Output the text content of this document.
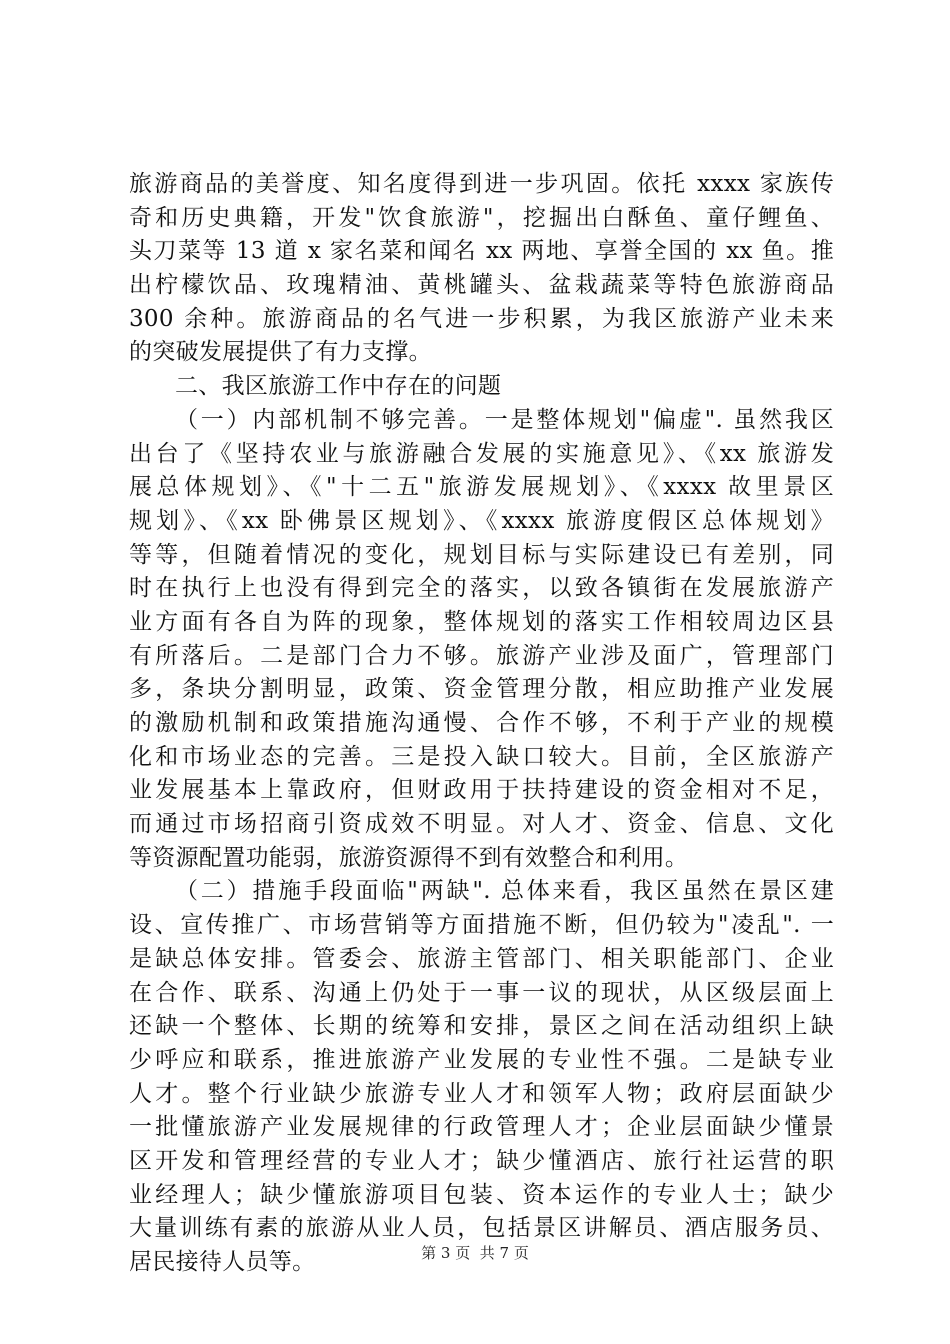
旅游商品的美誉度、知名度得到进一步巩固。依托 xxxx 家族传
奇和历史典籍，开发"饮食旅游"，挖掘出白酥鱼、童仔鲤鱼、
头刀菜等 13 道 x 家名菜和闻名 xx 两地、享誉全国的 xx 鱼。推
出柠檬饮品、玫瑰精油、黄桃罐头、盆栽蔬菜等特色旅游商品
300 余种。旅游商品的名气进一步积累，为我区旅游产业未来
的突破发展提供了有力支撑。
二、我区旅游工作中存在的问题
（一）内部机制不够完善。一是整体规划"偏虚". 虽然我区
出台了《坚持农业与旅游融合发展的实施意见》、《xx 旅游发
展总体规划》、《"十二五"旅游发展规划》、《xxxx 故里景区
规划》、《xx 卧佛景区规划》、《xxxx 旅游度假区总体规划》
等等，但随着情况的变化，规划目标与实际建设已有差别，同
时在执行上也没有得到完全的落实，以致各镇街在发展旅游产
业方面有各自为阵的现象，整体规划的落实工作相较周边区县
有所落后。二是部门合力不够。旅游产业涉及面广，管理部门
多，条块分割明显，政策、资金管理分散，相应助推产业发展
的激励机制和政策措施沟通慢、合作不够，不利于产业的规模
化和市场业态的完善。三是投入缺口较大。目前，全区旅游产
业发展基本上靠政府，但财政用于扶持建设的资金相对不足，
而通过市场招商引资成效不明显。对人才、资金、信息、文化
等资源配置功能弱，旅游资源得不到有效整合和利用。
（二）措施手段面临"两缺". 总体来看，我区虽然在景区建
设、宣传推广、市场营销等方面措施不断，但仍较为"凌乱". 一
是缺总体安排。管委会、旅游主管部门、相关职能部门、企业
在合作、联系、沟通上仍处于一事一议的现状，从区级层面上
还缺一个整体、长期的统筹和安排，景区之间在活动组织上缺
少呼应和联系，推进旅游产业发展的专业性不强。二是缺专业
人才。整个行业缺少旅游专业人才和领军人物；政府层面缺少
一批懂旅游产业发展规律的行政管理人才；企业层面缺少懂景
区开发和管理经营的专业人才；缺少懂酒店、旅行社运营的职
业经理人；缺少懂旅游项目包装、资本运作的专业人士；缺少
大量训练有素的旅游从业人员，包括景区讲解员、酒店服务员、
居民接待人员等。	第 3 页  共 7 页
